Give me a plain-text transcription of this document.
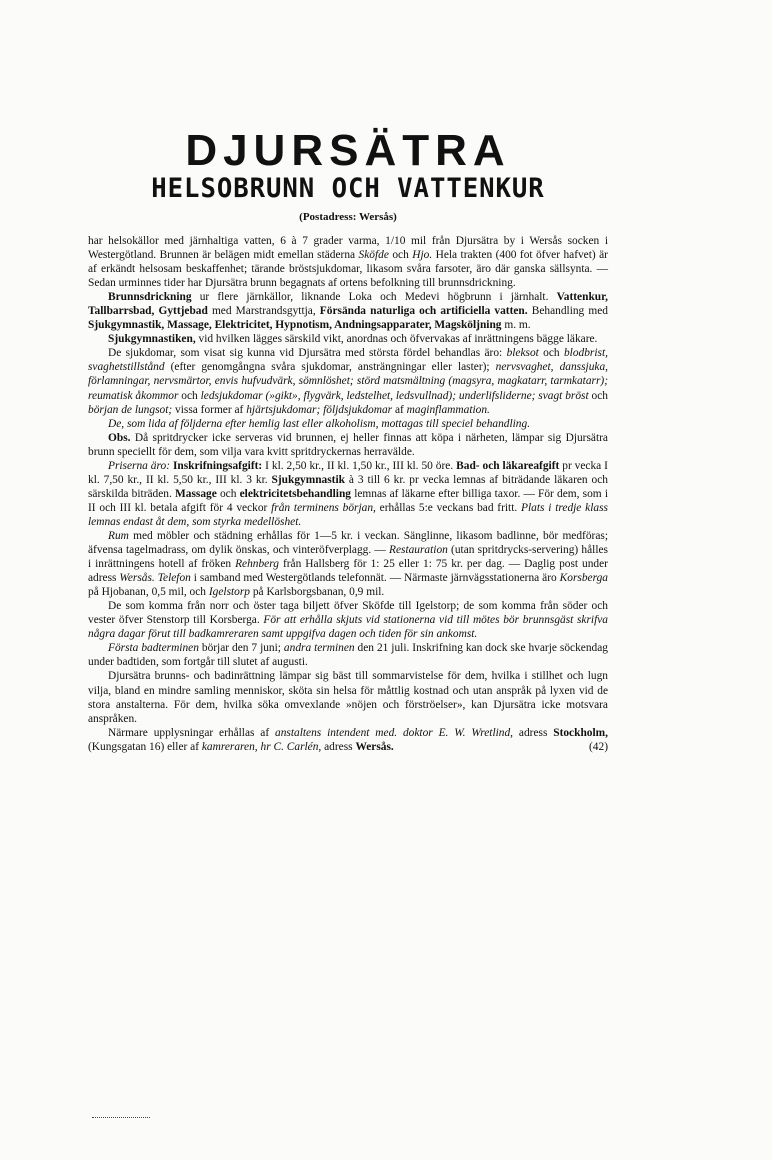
DJURSÄTRA
HELSOBRUNN OCH VATTENKUR
(Postadress: Wersås)

har helsokällor med järnhaltiga vatten, 6 à 7 grader varma, 1/10 mil från Djursätra by i Wersås socken i Westergötland. Brunnen är belägen midt emellan städerna Sköfde och Hjo. Hela trakten (400 fot öfver hafvet) är af erkändt helsosam beskaffenhet; tärande bröstsjukdomar, likasom svåra farsoter, äro där ganska sällsynta. — Sedan urminnes tider har Djursätra brunn begagnats af ortens befolkning till brunnsdrickning.

Brunnsdrickning ur flere järnkällor, liknande Loka och Medevi högbrunn i järnhalt. Vattenkur, Tallbarrsbad, Gyttjebad med Marstrandsgyttja, Försända naturliga och artificiella vatten. Behandling med Sjukgymnastik, Massage, Elektricitet, Hypnotism, Andningsapparater, Magsköljning m. m.

Sjukgymnastiken, vid hvilken lägges särskild vikt, anordnas och öfvervakas af inrättningens bägge läkare.

De sjukdomar, som visat sig kunna vid Djursätra med största fördel behandlas äro: bleksot och blodbrist, svaghetstillstånd (efter genomgångna svåra sjukdomar, ansträngningar eller laster); nervsvaghet, danssjuka, förlamningar, nervsmärtor, envis hufvudvärk, sömnlöshet; störd matsmältning (magsyra, magkatarr, tarmkatarr); reumatisk åkommor och ledsjukdomar (»gikt», flygvärk, ledstelhet, ledsvullnad); underlifsliderne; svagt bröst och början de lungsot; vissa former af hjärtsjukdomar; följdsjukdomar af maginflammation.

De, som lida af följderna efter hemlig last eller alkoholism, mottagas till speciel behandling.

Obs. Då spritdrycker icke serveras vid brunnen, ej heller finnas att köpa i närheten, lämpar sig Djursätra brunn speciellt för dem, som vilja vara kvitt spritdryckernas herravälde.

Priserna äro: Inskrifningsafgift: I kl. 2,50 kr., II kl. 1,50 kr., III kl. 50 öre. Bad- och läkareafgift pr vecka I kl. 7,50 kr., II kl. 5,50 kr., III kl. 3 kr. Sjukgymnastik à 3 till 6 kr. pr vecka lemnas af biträdande läkaren och särskilda biträden. Massage och elektricitetsbehandling lemnas af läkarne efter billiga taxor. — För dem, som i II och III kl. betala afgift för 4 veckor från terminens början, erhållas 5:e veckans bad fritt. Plats i tredje klass lemnas endast åt dem, som styrka medellöshet.

Rum med möbler och städning erhållas för 1—5 kr. i veckan. Sänglinne, likasom badlinne, bör medföras; äfvensa tagelmadrass, om dylik önskas, och vinteröfverplagg. — Restauration (utan spritdrycks-servering) hålles i inrättningens hotell af fröken Rehnberg från Hallsberg för 1: 25 eller 1: 75 kr. per dag. — Daglig post under adress Wersås. Telefon i samband med Westergötlands telefonnät. — Närmaste järnvägsstationerna äro Korsberga på Hjobanan, 0,5 mil, och Igelstorp på Karlsborgsbanan, 0,9 mil.

De som komma från norr och öster taga biljett öfver Sköfde till Igelstorp; de som komma från söder och vester öfver Stenstorp till Korsberga. För att erhålla skjuts vid stationerna vid till mötes bör brunnsgäst skrifva några dagar förut till badkamreraren samt uppgifva dagen och tiden för sin ankomst.

Första badterminen börjar den 7 juni; andra terminen den 21 juli. Inskrifning kan dock ske hvarje söckendag under badtiden, som fortgår till slutet af augusti.

Djursätra brunns- och badinrättning lämpar sig bäst till sommarvistelse för dem, hvilka i stillhet och lugn vilja, bland en mindre samling menniskor, sköta sin helsa för måttlig kostnad och utan anspråk på lyxen vid de stora anstalterna. För dem, hvilka söka omvexlande »nöjen och förströelser», kan Djursätra icke motsvara anspråken.

Närmare upplysningar erhållas af anstaltens intendent med. doktor E. W. Wretlind, adress Stockholm, (Kungsgatan 16) eller af kamreraren, hr C. Carlén, adress Wersås.	(42)
